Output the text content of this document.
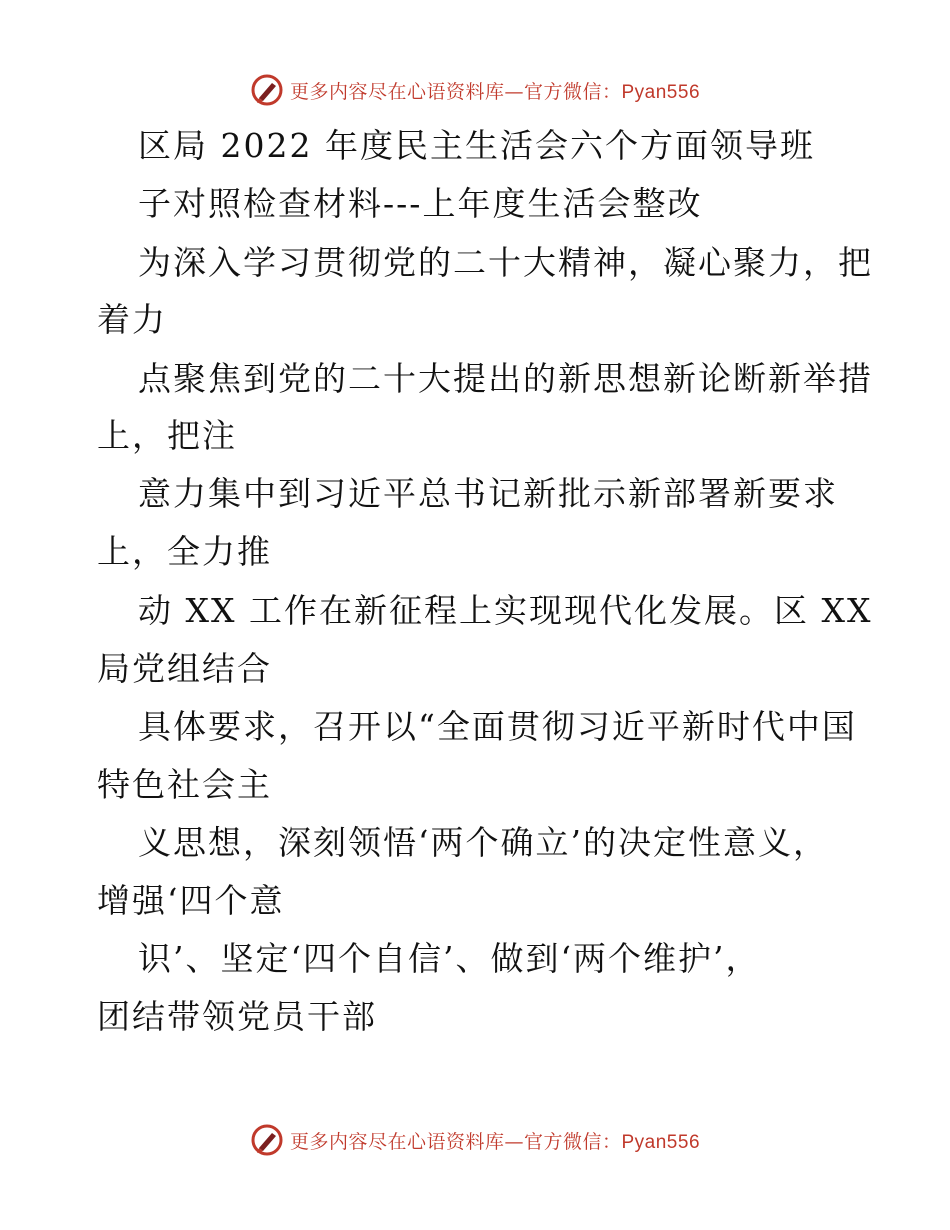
更多内容尽在心语资料库—官方微信：Pyan556
区局 2022 年度民主生活会六个方面领导班
子对照检查材料---上年度生活会整改
为深入学习贯彻党的二十大精神，凝心聚力，把
着力
点聚焦到党的二十大提出的新思想新论断新举措
上，把注
意力集中到习近平总书记新批示新部署新要求
上，全力推
动 XX 工作在新征程上实现现代化发展。区 XX
局党组结合
具体要求，召开以“全面贯彻习近平新时代中国
特色社会主
义思想，深刻领悟‘两个确立’的决定性意义，
增强‘四个意
识’、坚定‘四个自信’、做到‘两个维护’，
团结带领党员干部
更多内容尽在心语资料库—官方微信：Pyan556
